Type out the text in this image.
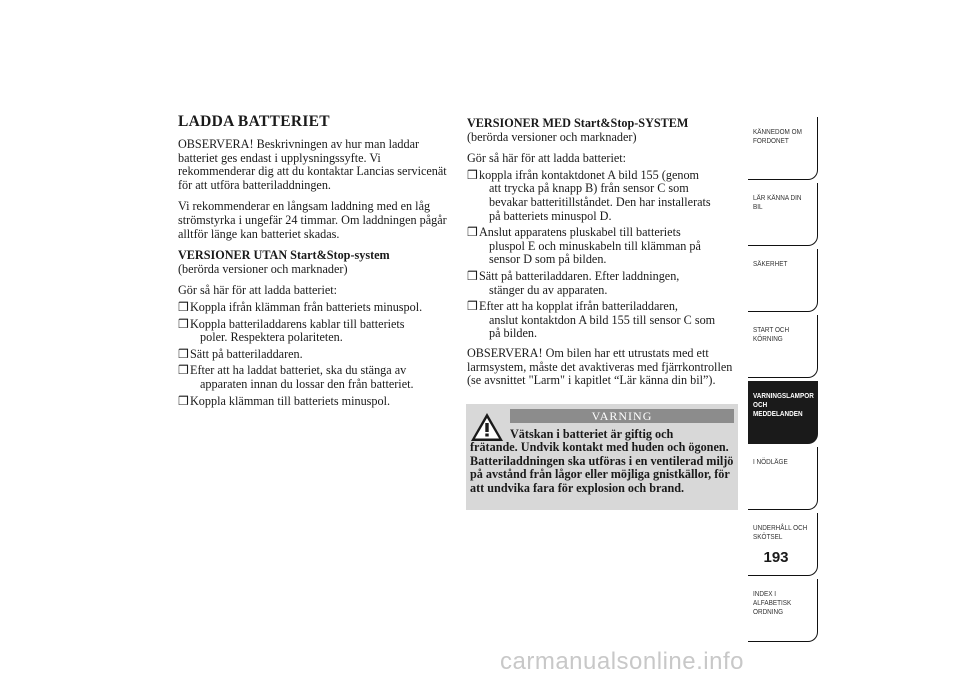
LADDA BATTERIET
OBSERVERA! Beskrivningen av hur man laddar batteriet ges endast i upplysningssyfte. Vi rekommenderar dig att du kontaktar Lancias servicenät för att utföra batteriladdningen.
Vi rekommenderar en långsam laddning med en låg strömstyrka i ungefär 24 timmar. Om laddningen pågår alltför länge kan batteriet skadas.
VERSIONER UTAN Start&Stop-system
(berörda versioner och marknader)
Gör så här för att ladda batteriet:
❒ Koppla ifrån klämman från batteriets minuspol.
❒ Koppla batteriladdarens kablar till batteriets
poler. Respektera polariteten.
❒ Sätt på batteriladdaren.
❒ Efter att ha laddat batteriet, ska du stänga av
apparaten innan du lossar den från batteriet.
❒ Koppla klämman till batteriets minuspol.
VERSIONER MED Start&Stop-SYSTEM
(berörda versioner och marknader)
Gör så här för att ladda batteriet:
❒ koppla ifrån kontaktdonet A bild 155 (genom
att trycka på knapp B) från sensor C som
bevakar batteritillståndet. Den har installerats
på batteriets minuspol D.
❒ Anslut apparatens pluskabel till batteriets
pluspol E och minuskabeln till klämman på
sensor D som på bilden.
❒ Sätt på batteriladdaren. Efter laddningen,
stänger du av apparaten.
❒ Efter att ha kopplat ifrån batteriladdaren,
anslut kontaktdon A bild 155 till sensor C som
på bilden.
OBSERVERA! Om bilen har ett utrustats med ett larmsystem, måste det avaktiveras med fjärrkontrollen (se avsnittet "Larm" i kapitlet “Lär känna din bil”).
VARNING
Vätskan i batteriet är giftig och
frätande. Undvik kontakt med huden och ögonen. Batteriladdningen ska utföras i en ventilerad miljö på avstånd från lågor eller möjliga gnistkällor, för att undvika fara för explosion och brand.
KÄNNEDOM OM FORDONET
LÄR KÄNNA DIN BIL
SÄKERHET
START OCH KÖRNING
VARNINGSLAMPOR OCH MEDDELANDEN
I NÖDLÄGE
UNDERHÅLL OCH SKÖTSEL
INDEX I ALFABETISK ORDNING
193
carmanualsonline.info
